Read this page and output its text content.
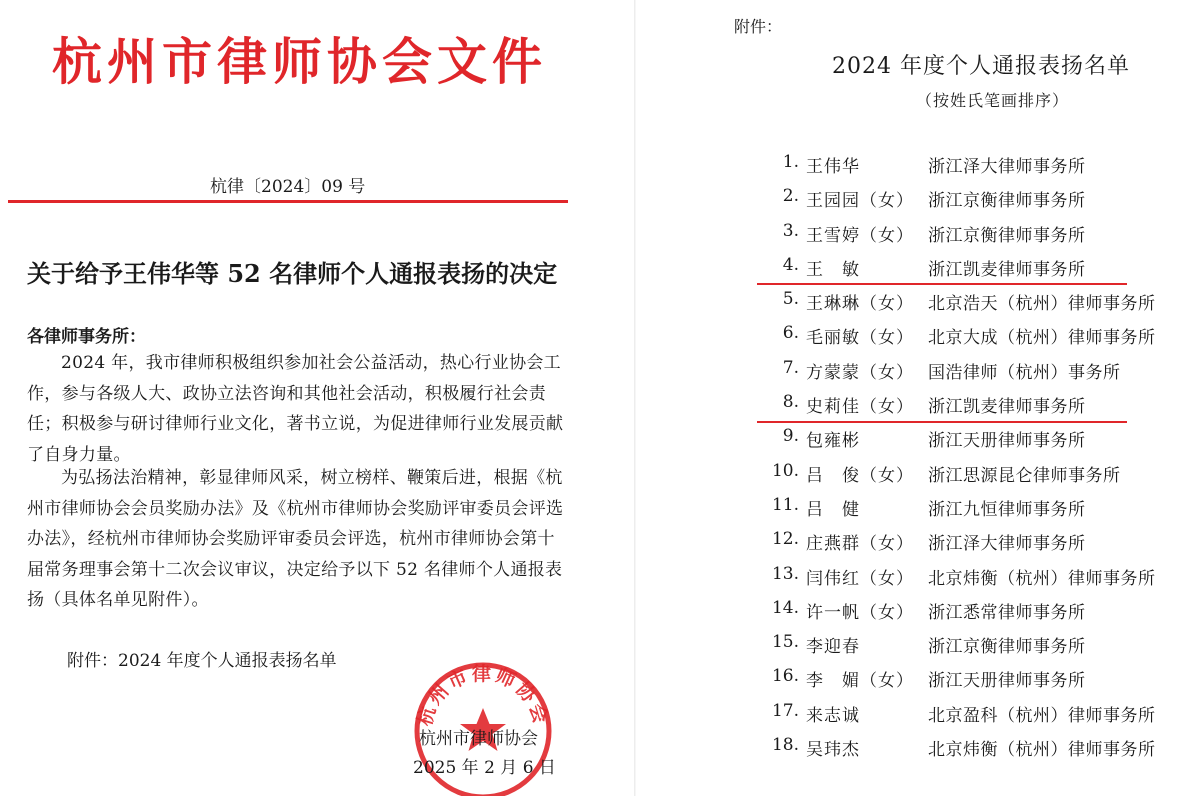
杭州市律师协会文件
杭律〔2024〕09 号
关于给予王伟华等 52 名律师个人通报表扬的决定
各律师事务所：

2024 年，我市律师积极组织参加社会公益活动，热心行业协会工作，参与各级人大、政协立法咨询和其他社会活动，积极履行社会责任；积极参与研讨律师行业文化，著书立说，为促进律师行业发展贡献了自身力量。

为弘扬法治精神，彰显律师风采，树立榜样、鞭策后进，根据《杭州市律师协会会员奖励办法》及《杭州市律师协会奖励评审委员会评选办法》，经杭州市律师协会奖励评审委员会评选，杭州市律师协会第十届常务理事会第十二次会议审议，决定给予以下 52 名律师个人通报表扬（具体名单见附件）。

附件：2024 年度个人通报表扬名单
杭州市律师协会
杭州市律师协会
2025 年 2 月 6 日
附件：
2024 年度个人通报表扬名单
（按姓氏笔画排序）
1. 王伟华	浙江泽大律师事务所
2. 王园园（女） 浙江京衡律师事务所
3. 王雪婷（女） 浙江京衡律师事务所
4. 王　敏	浙江凯麦律师事务所
5. 王琳琳（女） 北京浩天（杭州）律师事务所
6. 毛丽敏（女） 北京大成（杭州）律师事务所
7. 方蒙蒙（女） 国浩律师（杭州）事务所
8. 史莉佳（女） 浙江凯麦律师事务所
9. 包雍彬	浙江天册律师事务所
10. 吕　俊（女） 浙江思源昆仑律师事务所
11. 吕　健	浙江九恒律师事务所
12. 庄燕群（女） 浙江泽大律师事务所
13. 闫伟红（女） 北京炜衡（杭州）律师事务所
14. 许一帆（女） 浙江悉常律师事务所
15. 李迎春	浙江京衡律师事务所
16. 李　媚（女） 浙江天册律师事务所
17. 来志诚	北京盈科（杭州）律师事务所
18. 吴玮杰	北京炜衡（杭州）律师事务所
